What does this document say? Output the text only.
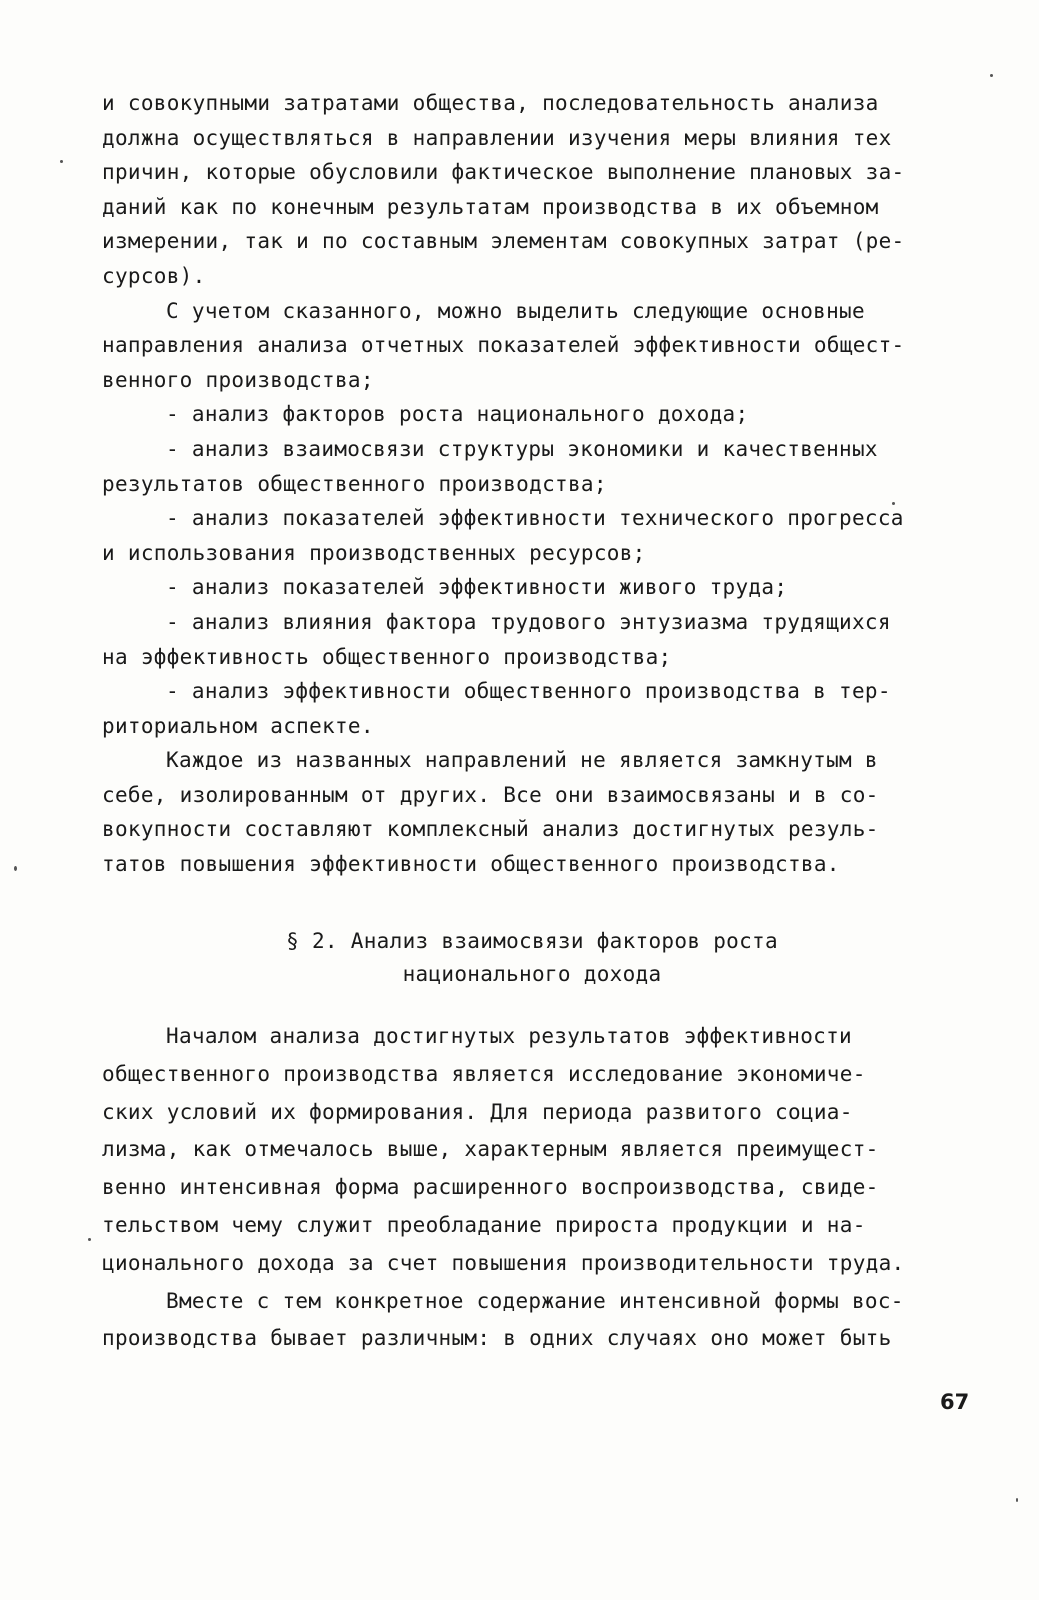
и совокупными затратами общества, последовательность анализа
должна осуществляться в направлении изучения меры влияния тех
причин, которые обусловили фактическое выполнение плановых за-
даний как по конечным результатам производства в их объемном
измерении, так и по составным элементам совокупных затрат (ре-
сурсов).
С учетом сказанного, можно выделить следующие основные
направления анализа отчетных показателей эффективности общест-
венного производства;
- анализ факторов роста национального дохода;
- анализ взаимосвязи структуры экономики и качественных
результатов общественного производства;
- анализ показателей эффективности технического прогресса
и использования производственных ресурсов;
- анализ показателей эффективности живого труда;
- анализ влияния фактора трудового энтузиазма трудящихся
на эффективность общественного производства;
- анализ эффективности общественного производства в тер-
риториальном аспекте.
Каждое из названных направлений не является замкнутым в
себе, изолированным от других. Все они взаимосвязаны и в со-
вокупности составляют комплексный анализ достигнутых резуль-
татов повышения эффективности общественного производства.
§ 2. Анализ взаимосвязи факторов роста
национального дохода
Началом анализа достигнутых результатов эффективности
общественного производства является исследование экономиче-
ских условий их формирования. Для периода развитого социа-
лизма, как отмечалось выше, характерным является преимущест-
венно интенсивная форма расширенного воспроизводства, свиде-
тельством чему служит преобладание прироста продукции и на-
ционального дохода за счет повышения производительности труда.
Вместе с тем конкретное содержание интенсивной формы вос-
производства бывает различным: в одних случаях оно может быть
67
